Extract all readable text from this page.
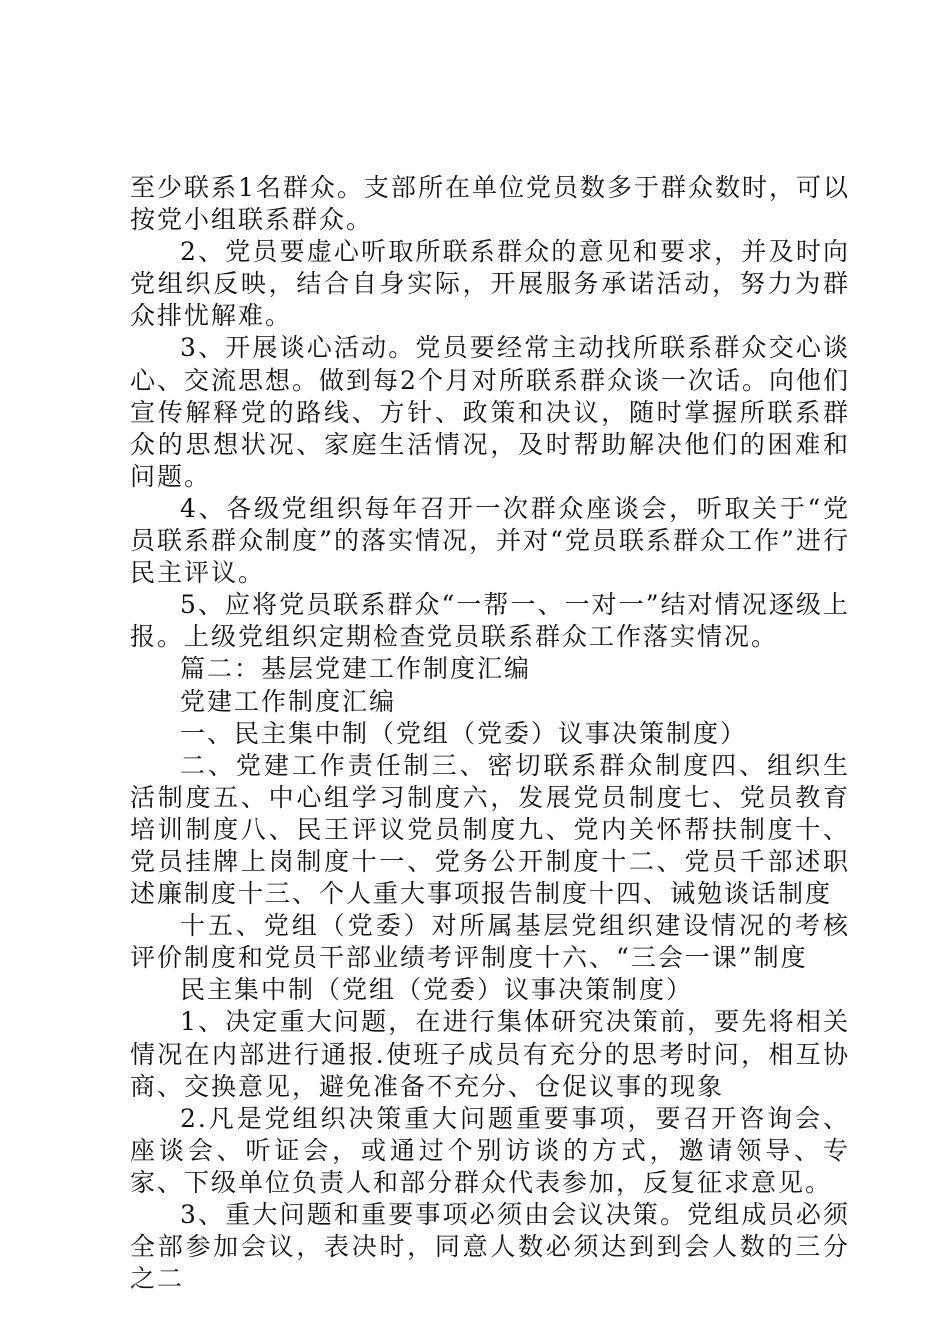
至少联系1名群众。支部所在单位党员数多于群众数时，可以按党小组联系群众。

2、党员要虚心听取所联系群众的意见和要求，并及时向党组织反映，结合自身实际，开展服务承诺活动，努力为群众排忧解难。

3、开展谈心活动。党员要经常主动找所联系群众交心谈心、交流思想。做到每2个月对所联系群众谈一次话。向他们宣传解释党的路线、方针、政策和决议，随时掌握所联系群众的思想状况、家庭生活情况，及时帮助解决他们的困难和问题。

4、各级党组织每年召开一次群众座谈会，听取关于“党员联系群众制度”的落实情况，并对“党员联系群众工作”进行民主评议。

5、应将党员联系群众“一帮一、一对一”结对情况逐级上报。上级党组织定期检查党员联系群众工作落实情况。

篇二：基层党建工作制度汇编

党建工作制度汇编

一、民主集中制（党组（党委）议事决策制度）

二、党建工作责任制三、密切联系群众制度四、组织生活制度五、中心组学习制度六，发展党员制度七、党员教育培训制度八、民王评议党员制度九、党内关怀帮扶制度十、党员挂牌上岗制度十一、党务公开制度十二、党员千部述职述廉制度十三、个人重大事项报告制度十四、诫勉谈话制度

十五、党组（党委）对所属基层党组织建设情况的考核评价制度和党员干部业绩考评制度十六、“三会一课”制度

民主集中制（党组（党委）议事决策制度）

1、决定重大问题，在进行集体研究决策前，要先将相关情况在内部进行通报.使班子成员有充分的思考时问，相互协商、交换意见，避免准备不充分、仓促议事的现象

2.凡是党组织决策重大问题重要事项，要召开咨询会、座谈会、听证会，或通过个别访谈的方式，邀请领导、专家、下级单位负责人和部分群众代表参加，反复征求意见。

3、重大问题和重要事项必须由会议决策。党组成员必须全部参加会议，表决时，同意人数必须达到到会人数的三分之二
